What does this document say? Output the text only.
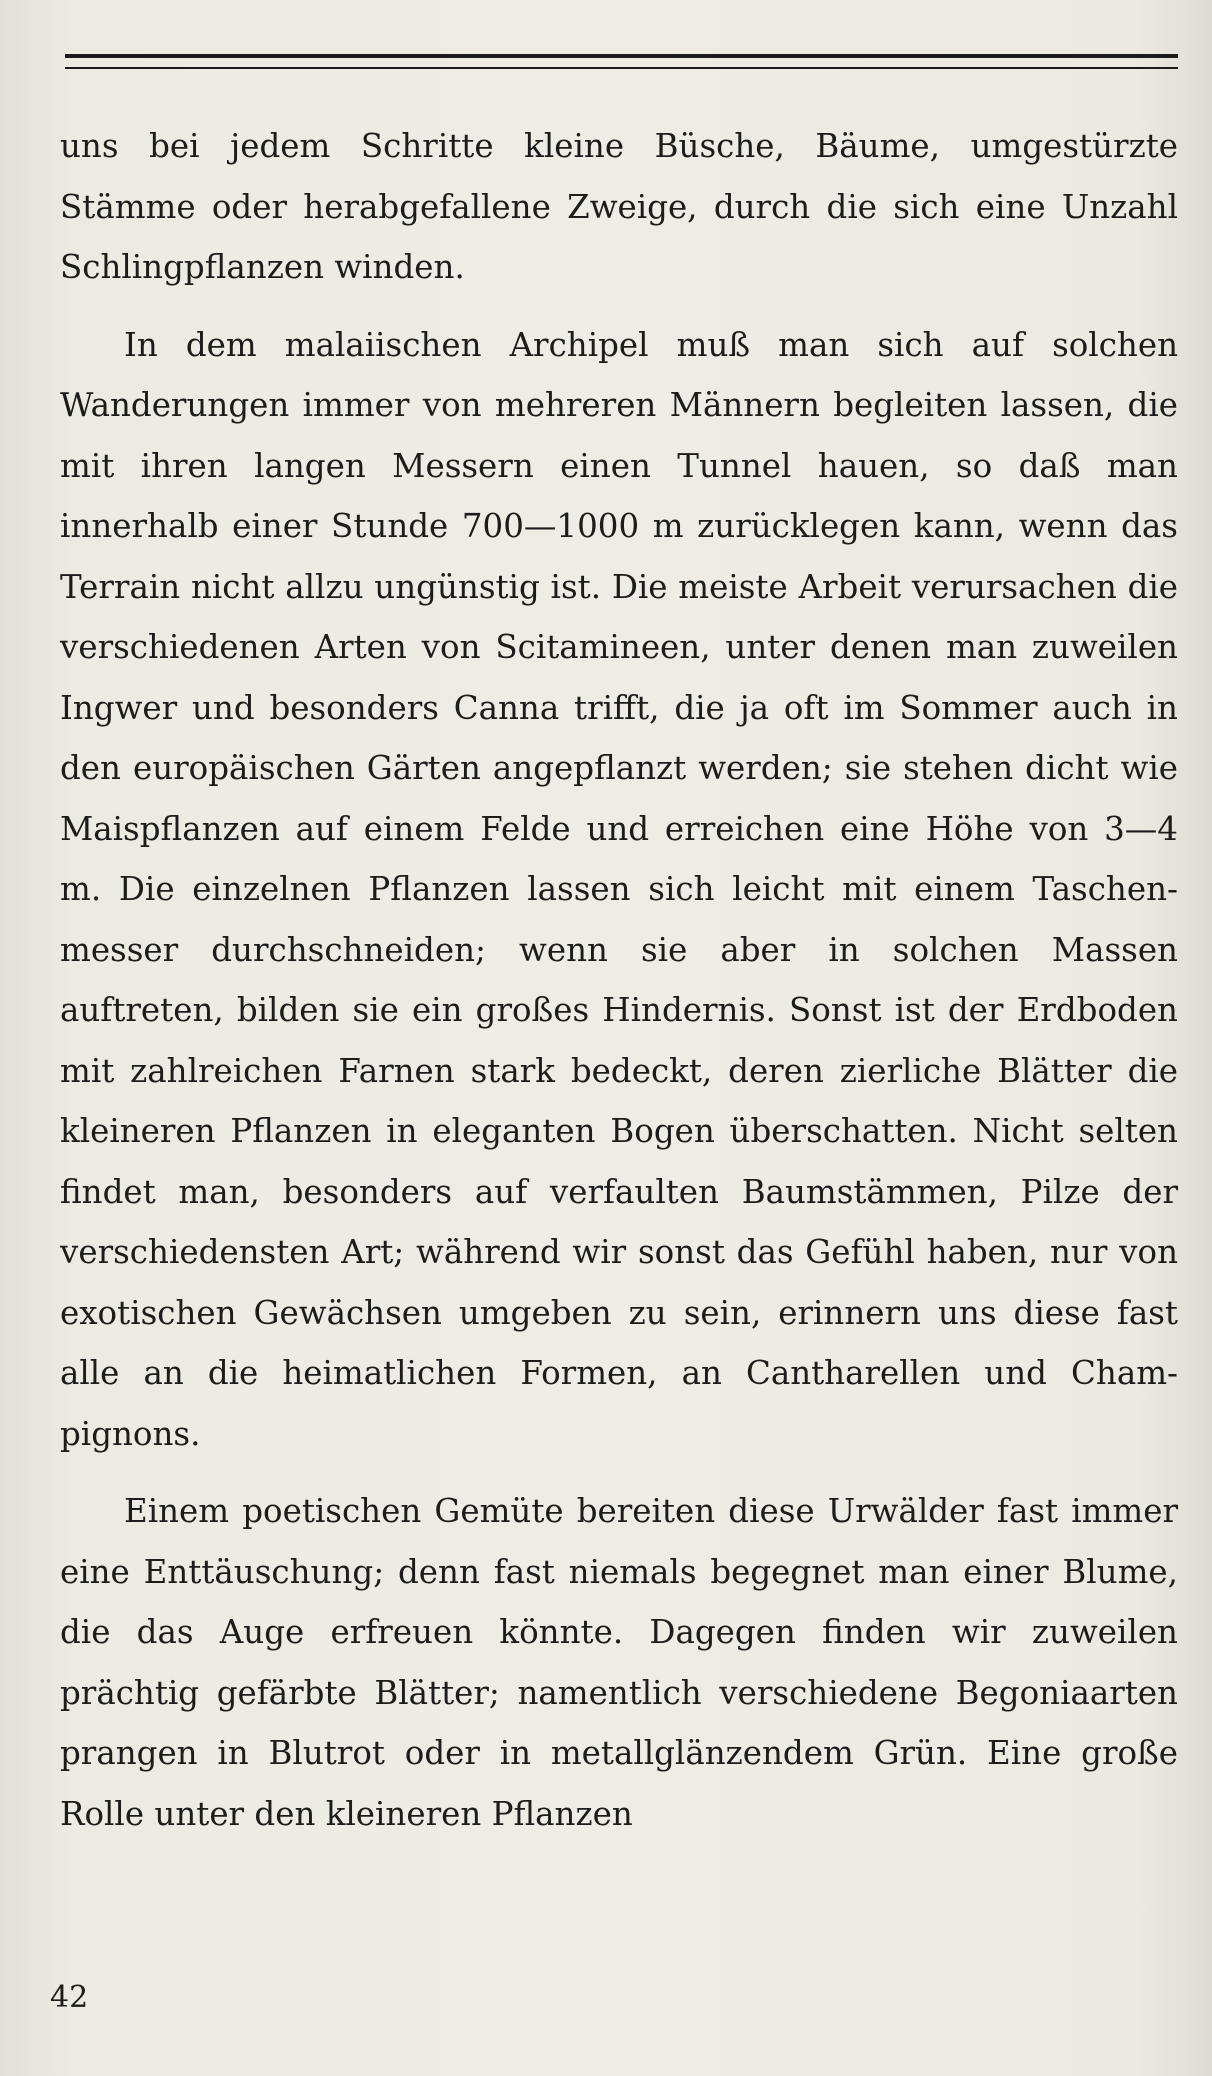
uns bei jedem Schritte kleine Büsche, Bäume, umgestürzte Stämme oder herabgefallene Zweige, durch die sich eine Unzahl Schlingpflanzen winden.

In dem malaiischen Archipel muß man sich auf solchen Wanderungen immer von mehreren Männern begleiten lassen, die mit ihren langen Messern einen Tunnel hauen, so daß man innerhalb einer Stunde 700—1000 m zurücklegen kann, wenn das Terrain nicht allzu ungünstig ist. Die meiste Arbeit verursachen die verschiedenen Arten von Scitamineen, unter denen man zuweilen Ingwer und besonders Canna trifft, die ja oft im Sommer auch in den europäischen Gärten angepflanzt werden; sie stehen dicht wie Maispflanzen auf einem Felde und erreichen eine Höhe von 3—4 m. Die einzelnen Pflanzen lassen sich leicht mit einem Taschenmesser durchschneiden; wenn sie aber in solchen Massen auftreten, bilden sie ein großes Hindernis. Sonst ist der Erdboden mit zahlreichen Farnen stark bedeckt, deren zierliche Blätter die kleineren Pflanzen in eleganten Bogen überschatten. Nicht selten findet man, besonders auf verfaulten Baumstämmen, Pilze der verschiedensten Art; während wir sonst das Gefühl haben, nur von exotischen Gewächsen umgeben zu sein, erinnern uns diese fast alle an die heimatlichen Formen, an Cantharellen und Champignons.

Einem poetischen Gemüte bereiten diese Urwälder fast immer eine Enttäuschung; denn fast niemals begegnet man einer Blume, die das Auge erfreuen könnte. Dagegen finden wir zuweilen prächtig gefärbte Blätter; namentlich verschiedene Begoniaarten prangen in Blutrot oder in metallglänzendem Grün. Eine große Rolle unter den kleineren Pflanzen

42
